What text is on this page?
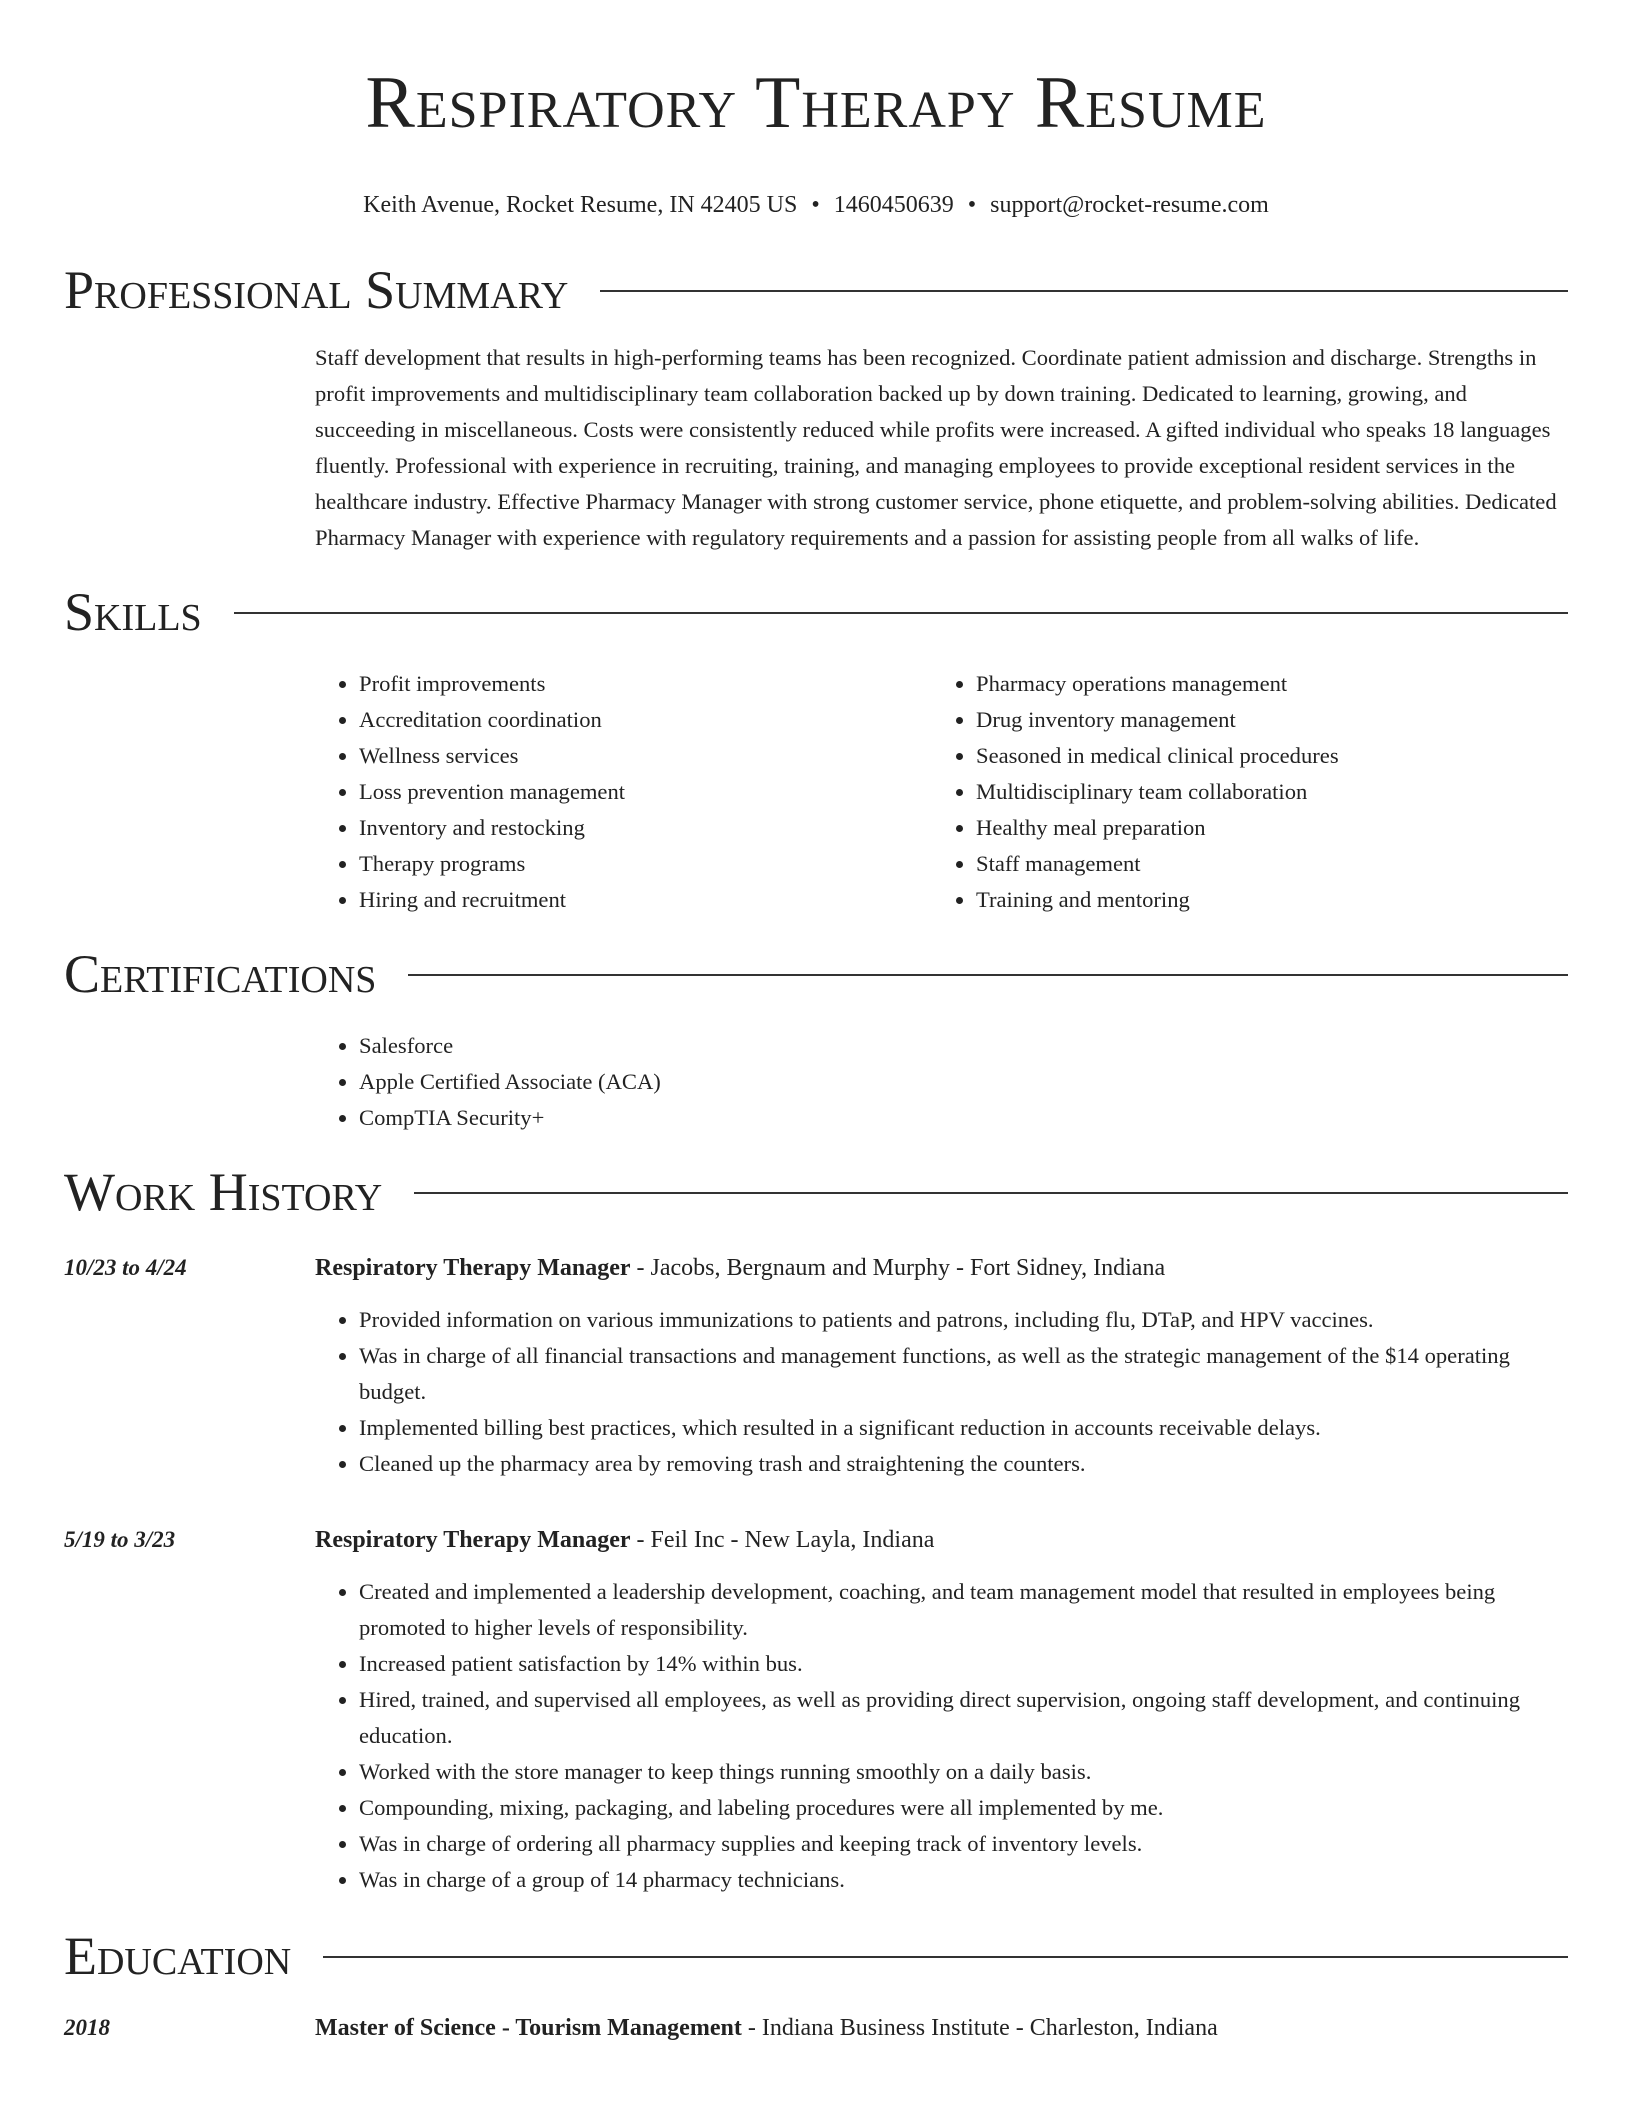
Respiratory Therapy Resume
Keith Avenue, Rocket Resume, IN 42405 US • 1460450639 • support@rocket-resume.com
Professional Summary
Staff development that results in high-performing teams has been recognized. Coordinate patient admission and discharge. Strengths in profit improvements and multidisciplinary team collaboration backed up by down training. Dedicated to learning, growing, and succeeding in miscellaneous. Costs were consistently reduced while profits were increased. A gifted individual who speaks 18 languages fluently. Professional with experience in recruiting, training, and managing employees to provide exceptional resident services in the healthcare industry. Effective Pharmacy Manager with strong customer service, phone etiquette, and problem-solving abilities. Dedicated Pharmacy Manager with experience with regulatory requirements and a passion for assisting people from all walks of life.
Skills
• Profit improvements
• Accreditation coordination
• Wellness services
• Loss prevention management
• Inventory and restocking
• Therapy programs
• Hiring and recruitment
• Pharmacy operations management
• Drug inventory management
• Seasoned in medical clinical procedures
• Multidisciplinary team collaboration
• Healthy meal preparation
• Staff management
• Training and mentoring
Certifications
• Salesforce
• Apple Certified Associate (ACA)
• CompTIA Security+
Work History
10/23 to 4/24	Respiratory Therapy Manager - Jacobs, Bergnaum and Murphy - Fort Sidney, Indiana
• Provided information on various immunizations to patients and patrons, including flu, DTaP, and HPV vaccines.
• Was in charge of all financial transactions and management functions, as well as the strategic management of the $14 operating budget.
• Implemented billing best practices, which resulted in a significant reduction in accounts receivable delays.
• Cleaned up the pharmacy area by removing trash and straightening the counters.
5/19 to 3/23	Respiratory Therapy Manager - Feil Inc - New Layla, Indiana
• Created and implemented a leadership development, coaching, and team management model that resulted in employees being promoted to higher levels of responsibility.
• Increased patient satisfaction by 14% within bus.
• Hired, trained, and supervised all employees, as well as providing direct supervision, ongoing staff development, and continuing education.
• Worked with the store manager to keep things running smoothly on a daily basis.
• Compounding, mixing, packaging, and labeling procedures were all implemented by me.
• Was in charge of ordering all pharmacy supplies and keeping track of inventory levels.
• Was in charge of a group of 14 pharmacy technicians.
Education
2018	Master of Science - Tourism Management - Indiana Business Institute - Charleston, Indiana
